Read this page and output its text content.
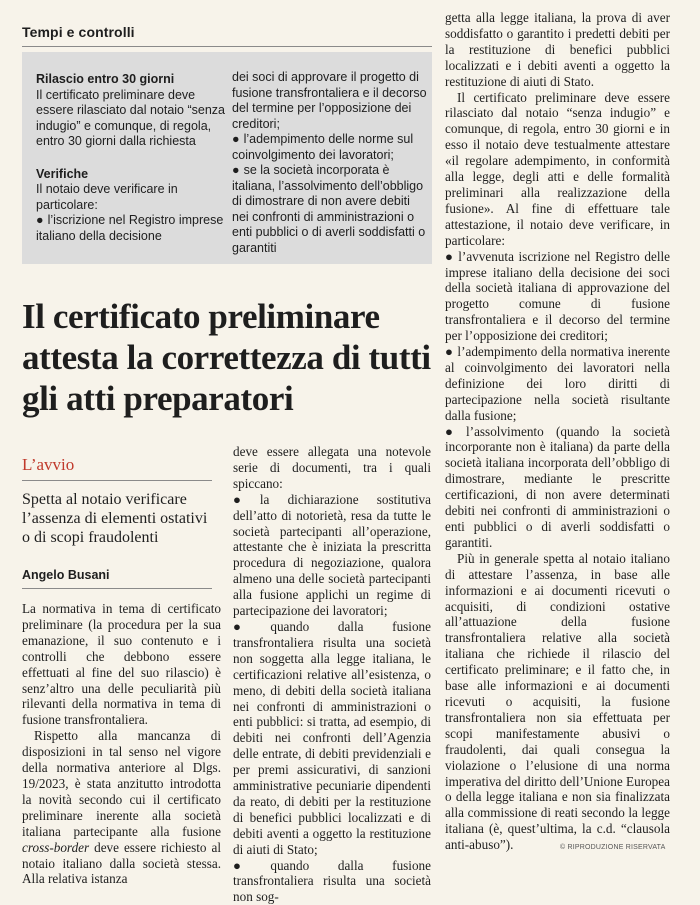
Tempi e controlli
Rilascio entro 30 giorni
Il certificato preliminare deve essere rilasciato dal notaio “senza indugio” e comunque, di regola, entro 30 giorni dalla richiesta
Verifiche
Il notaio deve verificare in particolare:
● l’iscrizione nel Registro imprese italiano della decisione
dei soci di approvare il progetto di fusione transfrontaliera e il decorso del termine per l’opposizione dei creditori;
● l’adempimento delle norme sul coinvolgimento dei lavoratori;
● se la società incorporata è italiana, l’assolvimento dell’obbligo di dimostrare di non avere debiti nei confronti di amministrazioni o enti pubblici o di averli soddisfatti o garantiti
Il certificato preliminare attesta la correttezza di tutti gli atti preparatori
L’avvio
Spetta al notaio verificare l’assenza di elementi ostativi o di scopi fraudolenti
Angelo Busani

La normativa in tema di certificato preliminare (la procedura per la sua emanazione, il suo contenuto e i controlli che debbono essere effettuati al fine del suo rilascio) è senz’altro una delle peculiarità più rilevanti della normativa in tema di fusione transfrontaliera.

Rispetto alla mancanza di disposizioni in tal senso nel vigore della normativa anteriore al Dlgs. 19/2023, è stata anzitutto introdotta la novità secondo cui il certificato preliminare inerente alla società italiana partecipante alla fusione cross-border deve essere richiesto al notaio italiano dalla società stessa. Alla relativa istanza

deve essere allegata una notevole serie di documenti, tra i quali spiccano:

● la dichiarazione sostitutiva dell’atto di notorietà, resa da tutte le società partecipanti all’operazione, attestante che è iniziata la prescritta procedura di negoziazione, qualora almeno una delle società partecipanti alla fusione applichi un regime di partecipazione dei lavoratori;

● quando dalla fusione transfrontaliera risulta una società non soggetta alla legge italiana, le certificazioni relative all’esistenza, o meno, di debiti della società italiana nei confronti di amministrazioni o enti pubblici: si tratta, ad esempio, di debiti nei confronti dell’Agenzia delle entrate, di debiti previdenziali e per premi assicurativi, di sanzioni amministrative pecuniarie dipendenti da reato, di debiti per la restituzione di benefici pubblici localizzati e di debiti aventi a oggetto la restituzione di aiuti di Stato;

● quando dalla fusione transfrontaliera risulta una società non sog-

getta alla legge italiana, la prova di aver soddisfatto o garantito i predetti debiti per la restituzione di benefici pubblici localizzati e i debiti aventi a oggetto la restituzione di aiuti di Stato.

Il certificato preliminare deve essere rilasciato dal notaio “senza indugio” e comunque, di regola, entro 30 giorni e in esso il notaio deve testualmente attestare «il regolare adempimento, in conformità alla legge, degli atti e delle formalità preliminari alla realizzazione della fusione». Al fine di effettuare tale attestazione, il notaio deve verificare, in particolare:

● l’avvenuta iscrizione nel Registro delle imprese italiano della decisione dei soci della società italiana di approvazione del progetto comune di fusione transfrontaliera e il decorso del termine per l’opposizione dei creditori;

● l’adempimento della normativa inerente al coinvolgimento dei lavoratori nella definizione dei loro diritti di partecipazione nella società risultante dalla fusione;

● l’assolvimento (quando la società incorporante non è italiana) da parte della società italiana incorporata dell’obbligo di dimostrare, mediante le prescritte certificazioni, di non avere determinati debiti nei confronti di amministrazioni o enti pubblici o di averli soddisfatti o garantiti.

Più in generale spetta al notaio italiano di attestare l’assenza, in base alle informazioni e ai documenti ricevuti o acquisiti, di condizioni ostative all’attuazione della fusione transfrontaliera relative alla società italiana che richiede il rilascio del certificato preliminare; e il fatto che, in base alle informazioni e ai documenti ricevuti o acquisiti, la fusione transfrontaliera non sia effettuata per scopi manifestamente abusivi o fraudolenti, dai quali consegua la violazione o l’elusione di una norma imperativa del diritto dell’Unione Europea o della legge italiana e non sia finalizzata alla commissione di reati secondo la legge italiana (è, quest’ultima, la c.d. “clausola anti-abuso”).	© RIPRODUZIONE RISERVATA
